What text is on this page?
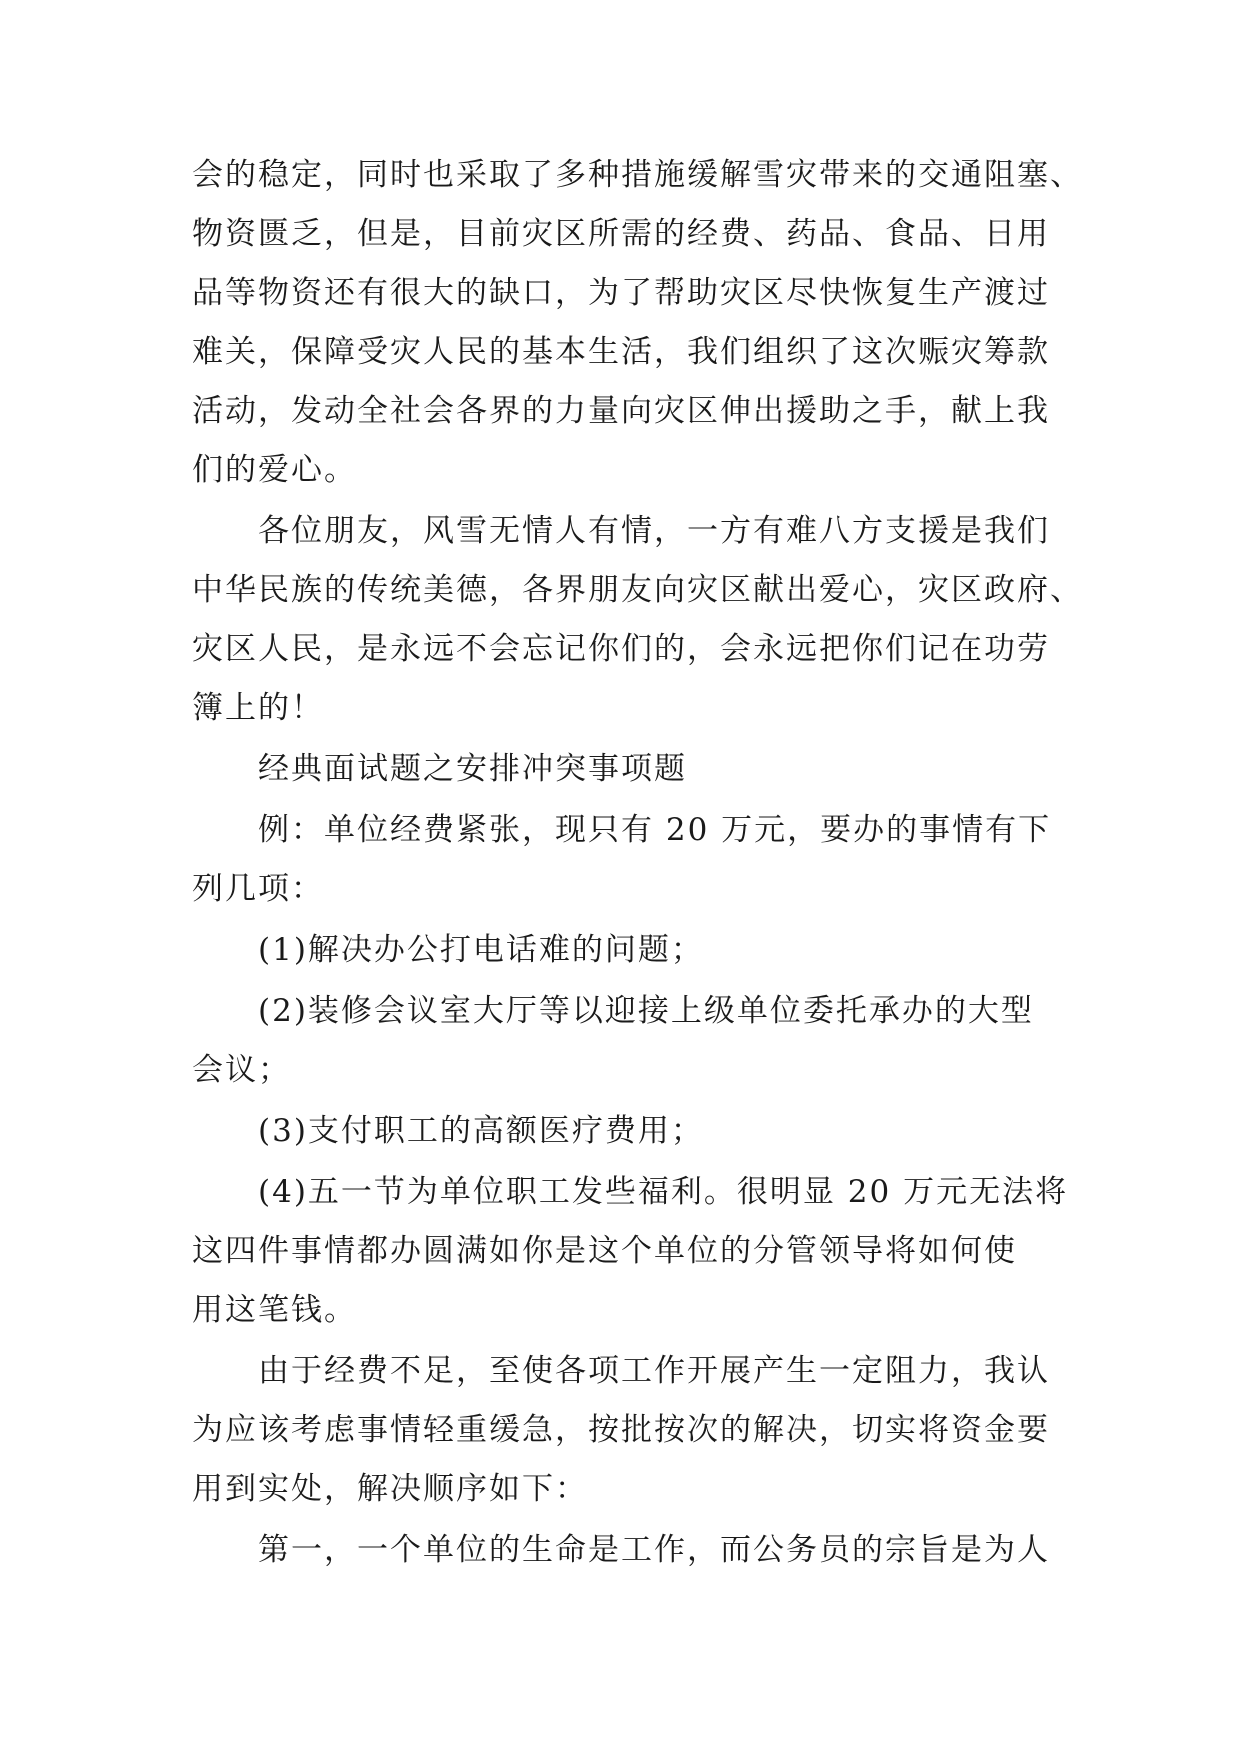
会的稳定，同时也采取了多种措施缓解雪灾带来的交通阻塞、
物资匮乏，但是，目前灾区所需的经费、药品、食品、日用
品等物资还有很大的缺口，为了帮助灾区尽快恢复生产渡过
难关，保障受灾人民的基本生活，我们组织了这次赈灾筹款
活动，发动全社会各界的力量向灾区伸出援助之手，献上我
们的爱心。
各位朋友，风雪无情人有情，一方有难八方支援是我们
中华民族的传统美德，各界朋友向灾区献出爱心，灾区政府、
灾区人民，是永远不会忘记你们的，会永远把你们记在功劳
簿上的！
经典面试题之安排冲突事项题
例：单位经费紧张，现只有 20 万元，要办的事情有下
列几项：
(1)解决办公打电话难的问题；
(2)装修会议室大厅等以迎接上级单位委托承办的大型
会议；
(3)支付职工的高额医疗费用；
(4)五一节为单位职工发些福利。很明显 20 万元无法将
这四件事情都办圆满如你是这个单位的分管领导将如何使
用这笔钱。
由于经费不足，至使各项工作开展产生一定阻力，我认
为应该考虑事情轻重缓急，按批按次的解决，切实将资金要
用到实处，解决顺序如下：
第一，一个单位的生命是工作，而公务员的宗旨是为人
